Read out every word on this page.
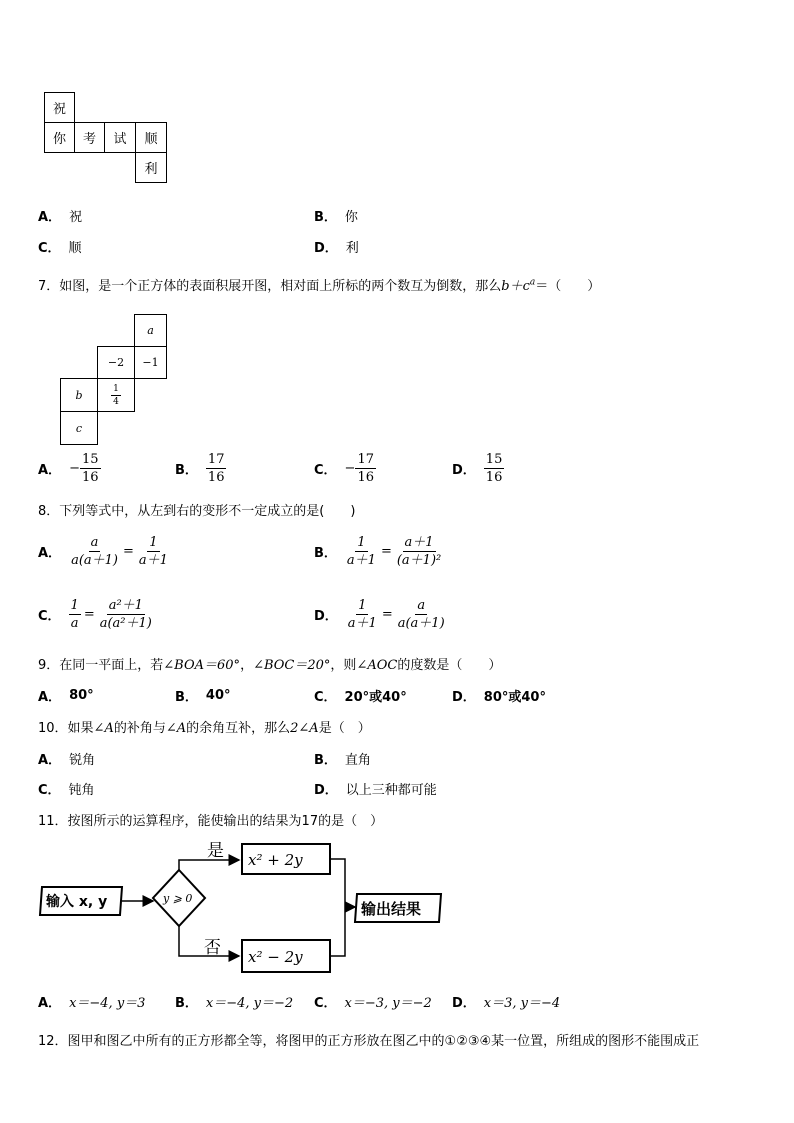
祝
你	考	试	顺
利
A． 祝	B． 你
C． 顺	D． 利
7．如图，是一个正方体的表面积展开图，相对面上所标的两个数互为倒数，那么$b+c^a=$（　　）
a
−2	−1
b	$\frac{1}{4}$
c
A． − $\frac{15}{16}$	B． $\frac{17}{16}$	C． − $\frac{17}{16}$	D． $\frac{15}{16}$
8．下列等式中，从左到右的变形不一定成立的是(　　)
A． $\frac{a}{a(a+1)} = \frac{1}{a+1}$	B． $\frac{1}{a+1} = \frac{a+1}{\text{(a＋1)²}}$
C． $\frac{1}{a} = \frac{\text{a²＋1}}{\text{a(a²＋1)}}$	D． $\frac{1}{a+1} = \frac{a}{a(a+1)}$
9．在同一平面上，若∠BOA＝60°，∠BOC＝20°，则∠AOC的度数是（　　）
A． 80°	B． 40°	C． 20°或40°	D． 80°或40°
10．如果∠A的补角与∠A的余角互补，那么2∠A是（　）
A． 锐角	B． 直角
C． 钝角	D． 以上三种都可能
11．按图所示的运算程序，能使输出的结果为17的是（　）
输入 x, y	y ⩾ 0
是
否
x² + 2y
x² − 2y
输出结果
A． x＝−4, y＝3 B． x＝−4, y＝−2 C． x＝−3, y＝−2 D． x＝3, y＝−4
12．图甲和图乙中所有的正方形都全等，将图甲的正方形放在图乙中的①②③④某一位置，所组成的图形不能围成正
